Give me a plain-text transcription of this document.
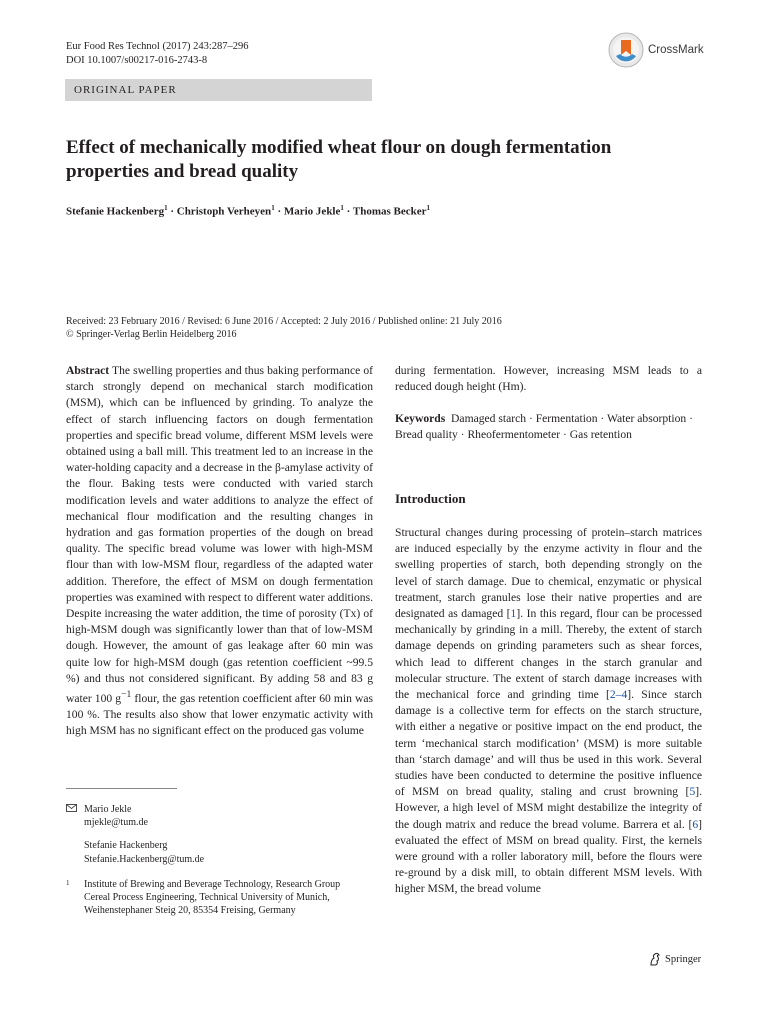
Eur Food Res Technol (2017) 243:287–296
DOI 10.1007/s00217-016-2743-8
CrossMark
ORIGINAL PAPER
Effect of mechanically modified wheat flour on dough fermentation properties and bread quality
Stefanie Hackenberg$^1$ · Christoph Verheyen$^1$ · Mario Jekle$^1$ · Thomas Becker$^1$
Received: 23 February 2016 / Revised: 6 June 2016 / Accepted: 2 July 2016 / Published online: 21 July 2016
© Springer-Verlag Berlin Heidelberg 2016

Abstract The swelling properties and thus baking performance of starch strongly depend on mechanical starch modification (MSM), which can be influenced by grinding. To analyze the effect of starch influencing factors on dough fermentation properties and specific bread volume, different MSM levels were obtained using a ball mill. This treatment led to an increase in the water-holding capacity and a decrease in the β-amylase activity of the flour. Baking tests were conducted with varied starch modification levels and water additions to analyze the effect of mechanical flour modification and the resulting changes in hydration and gas formation properties of the dough on bread quality. The specific bread volume was lower with high-MSM flour than with low-MSM flour, regardless of the adapted water addition. Therefore, the effect of MSM on dough fermentation properties was examined with respect to different water additions. Despite increasing the water addition, the time of porosity (Tx) of high-MSM dough was significantly lower than that of low-MSM dough. However, the amount of gas leakage after 60 min was quite low for high-MSM dough (gas retention coefficient ~99.5 %) and thus not considered significant. By adding 58 and 83 g water 100 $g^{-1}$ flour, the gas retention coefficient after 60 min was 100 %. The results also show that lower enzymatic activity with high MSM has no significant effect on the produced gas volume

during fermentation. However, increasing MSM leads to a reduced dough height (Hm).

Keywords Damaged starch · Fermentation · Water absorption · Bread quality · Rheofermentometer · Gas retention

Introduction

Structural changes during processing of protein–starch matrices are induced especially by the enzyme activity in flour and the swelling properties of starch, both depending strongly on the level of starch damage. Due to chemical, enzymatic or physical treatment, starch granules lose their native properties and are designated as damaged [1]. In this regard, flour can be processed mechanically by grinding in a mill. Thereby, the extent of starch damage depends on grinding parameters such as shear forces, which lead to different changes in the starch granular and molecular structure. The extent of starch damage increases with the mechanical force and grinding time [2–4]. Since starch damage is a collective term for effects on the starch structure, with either a negative or positive impact on the end product, the term ‘mechanical starch modification’ (MSM) is more suitable than ‘starch damage’ and will thus be used in this work. Several studies have been conducted to determine the positive influence of MSM on bread quality, staling and crust browning [5]. However, a high level of MSM might destabilize the integrity of the dough matrix and reduce the bread volume. Barrera et al. [6] evaluated the effect of MSM on bread quality. First, the kernels were ground with a roller laboratory mill, before the flours were re-ground by a disk mill, to obtain different MSM levels. With higher MSM, the bread volume

Mario Jekle
mjekle@tum.de
Stefanie Hackenberg
Stefanie.Hackenberg@tum.de
1	Institute of Brewing and Beverage Technology, Research Group Cereal Process Engineering, Technical University of Munich, Weihenstephaner Steig 20, 85354 Freising, Germany
Springer
